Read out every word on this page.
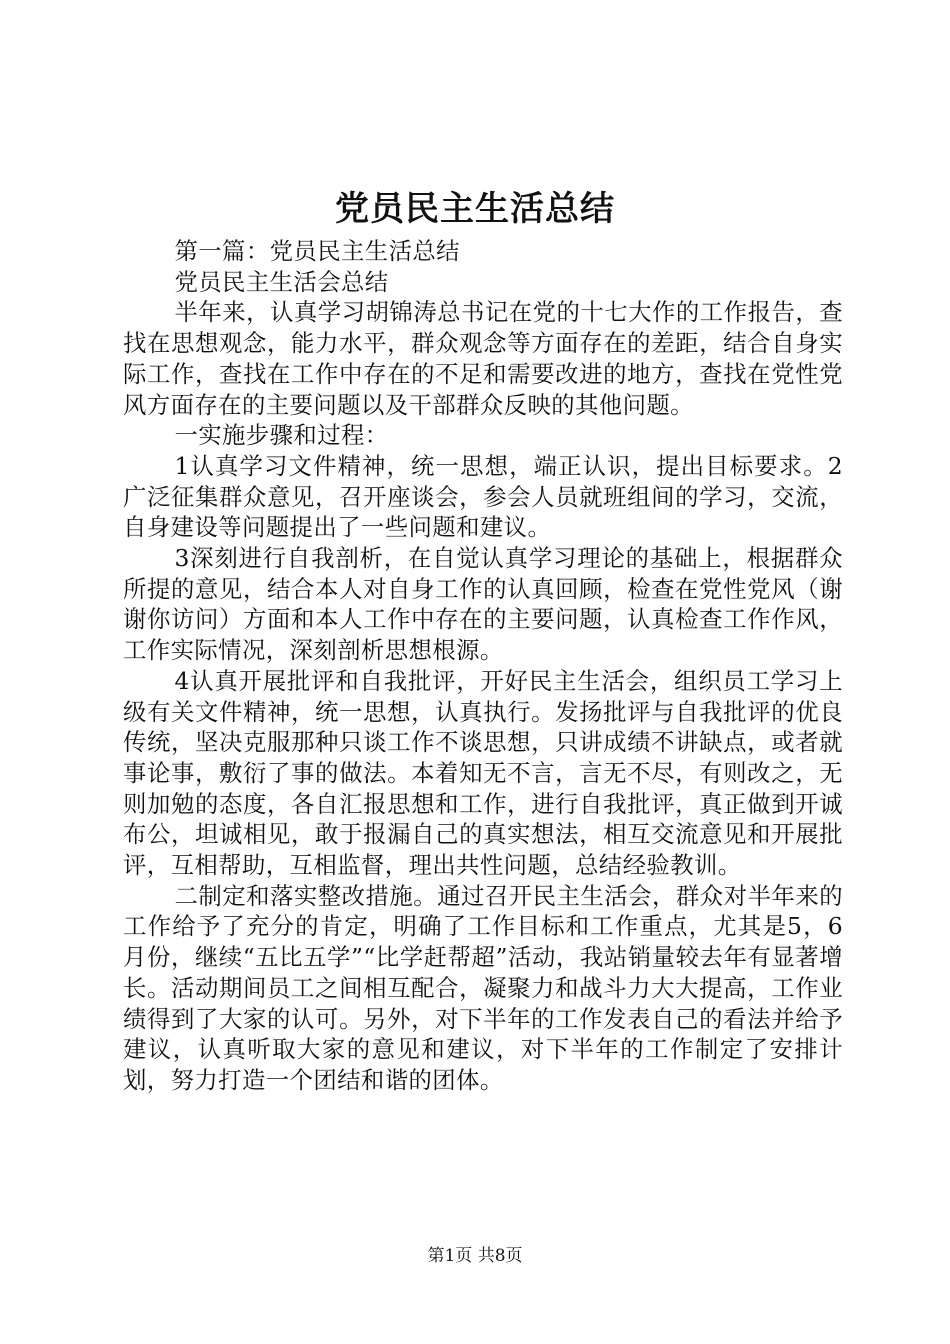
党员民主生活总结

第一篇：党员民主生活总结

党员民主生活会总结

半年来，认真学习胡锦涛总书记在党的十七大作的工作报告，查找在思想观念，能力水平，群众观念等方面存在的差距，结合自身实际工作，查找在工作中存在的不足和需要改进的地方，查找在党性党风方面存在的主要问题以及干部群众反映的其他问题。

一实施步骤和过程：

1认真学习文件精神，统一思想，端正认识，提出目标要求。2广泛征集群众意见，召开座谈会，参会人员就班组间的学习，交流，自身建设等问题提出了一些问题和建议。

3深刻进行自我剖析，在自觉认真学习理论的基础上，根据群众所提的意见，结合本人对自身工作的认真回顾，检查在党性党风（谢谢你访问）方面和本人工作中存在的主要问题，认真检查工作作风，工作实际情况，深刻剖析思想根源。

4认真开展批评和自我批评，开好民主生活会，组织员工学习上级有关文件精神，统一思想，认真执行。发扬批评与自我批评的优良传统，坚决克服那种只谈工作不谈思想，只讲成绩不讲缺点，或者就事论事，敷衍了事的做法。本着知无不言，言无不尽，有则改之，无则加勉的态度，各自汇报思想和工作，进行自我批评，真正做到开诚布公，坦诚相见，敢于报漏自己的真实想法，相互交流意见和开展批评，互相帮助，互相监督，理出共性问题，总结经验教训。

二制定和落实整改措施。通过召开民主生活会，群众对半年来的工作给予了充分的肯定，明确了工作目标和工作重点，尤其是5，6月份，继续“五比五学”“比学赶帮超”活动，我站销量较去年有显著增长。活动期间员工之间相互配合，凝聚力和战斗力大大提高，工作业绩得到了大家的认可。另外，对下半年的工作发表自己的看法并给予建议，认真听取大家的意见和建议，对下半年的工作制定了安排计划，努力打造一个团结和谐的团体。

第1页 共8页
